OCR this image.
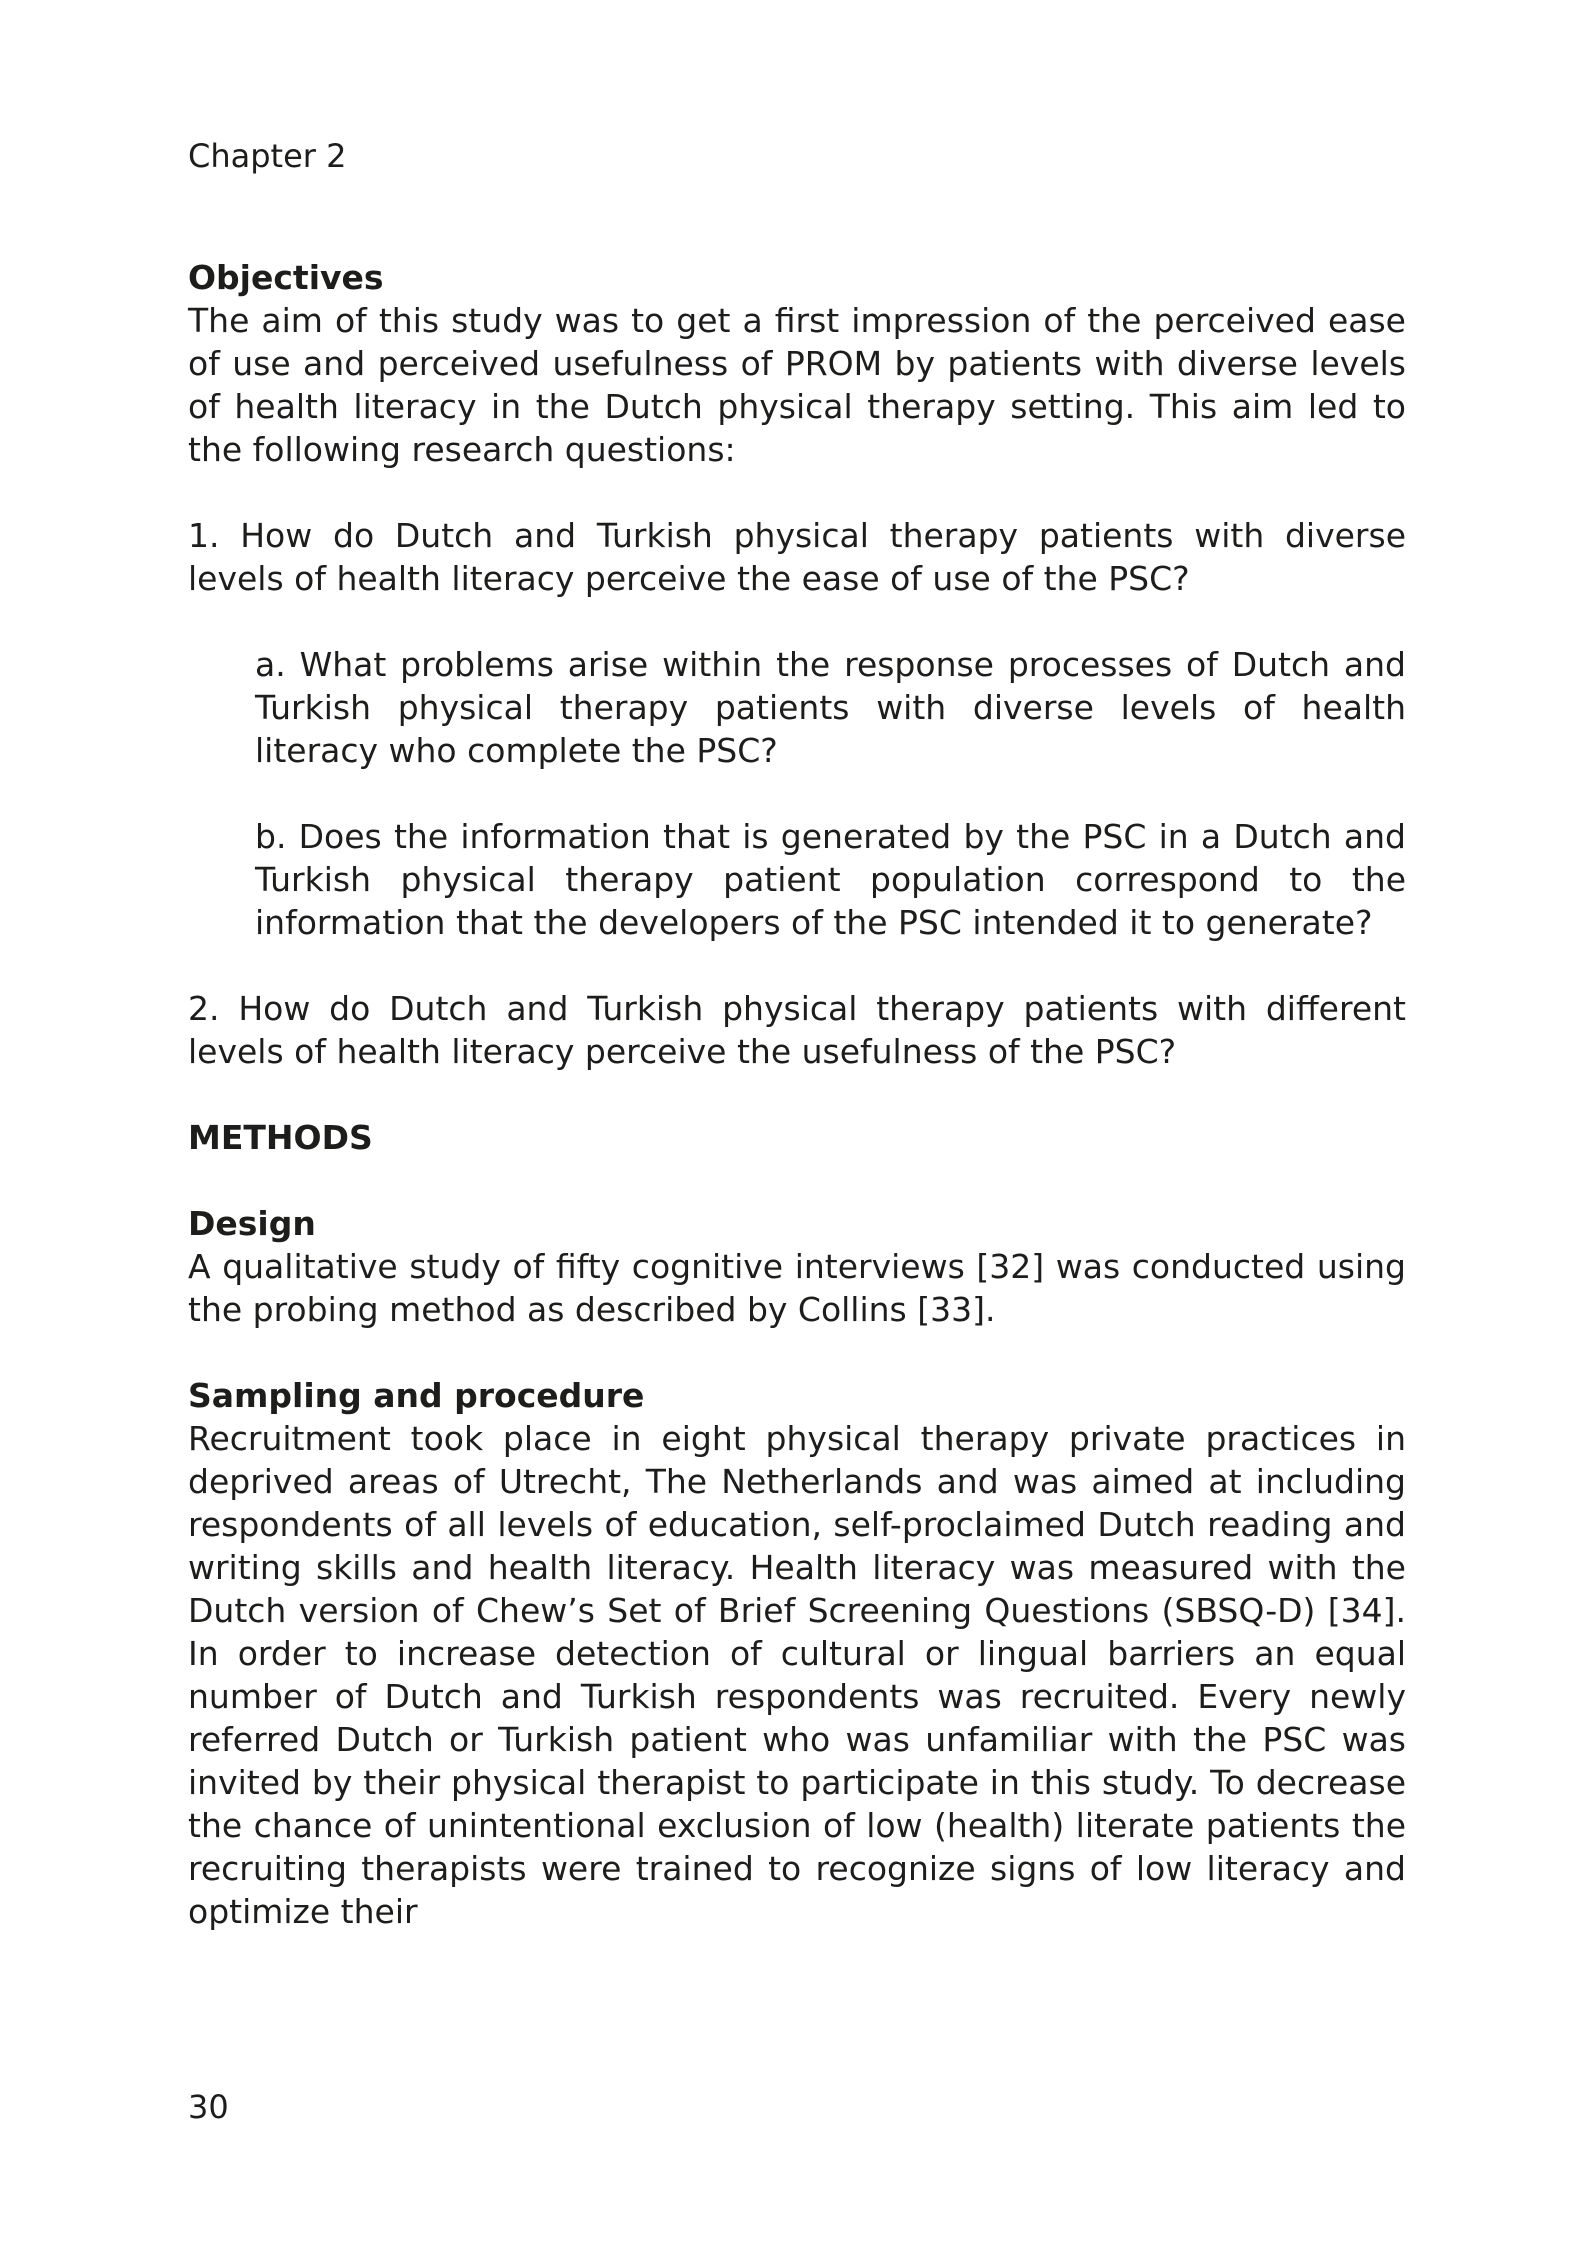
Chapter 2
Objectives

The aim of this study was to get a first impression of the perceived ease of use and perceived usefulness of PROM by patients with diverse levels of health literacy in the Dutch physical therapy setting. This aim led to the following research questions:

1. How do Dutch and Turkish physical therapy patients with diverse levels of health literacy perceive the ease of use of the PSC?

a. What problems arise within the response processes of Dutch and Turkish physical therapy patients with diverse levels of health literacy who complete the PSC?

b. Does the information that is generated by the PSC in a Dutch and Turkish physical therapy patient population correspond to the information that the developers of the PSC intended it to generate?

2. How do Dutch and Turkish physical therapy patients with different levels of health literacy perceive the usefulness of the PSC?

METHODS
Design

A qualitative study of fifty cognitive interviews [32] was conducted using the probing method as described by Collins [33].

Sampling and procedure

Recruitment took place in eight physical therapy private practices in deprived areas of Utrecht, The Netherlands and was aimed at including respondents of all levels of education, self-proclaimed Dutch reading and writing skills and health literacy. Health literacy was measured with the Dutch version of Chew’s Set of Brief Screening Questions (SBSQ-D) [34]. In order to increase detection of cultural or lingual barriers an equal number of Dutch and Turkish respondents was recruited. Every newly referred Dutch or Turkish patient who was unfamiliar with the PSC was invited by their physical therapist to participate in this study. To decrease the chance of unintentional exclusion of low (health) literate patients the recruiting therapists were trained to recognize signs of low literacy and optimize their

30
